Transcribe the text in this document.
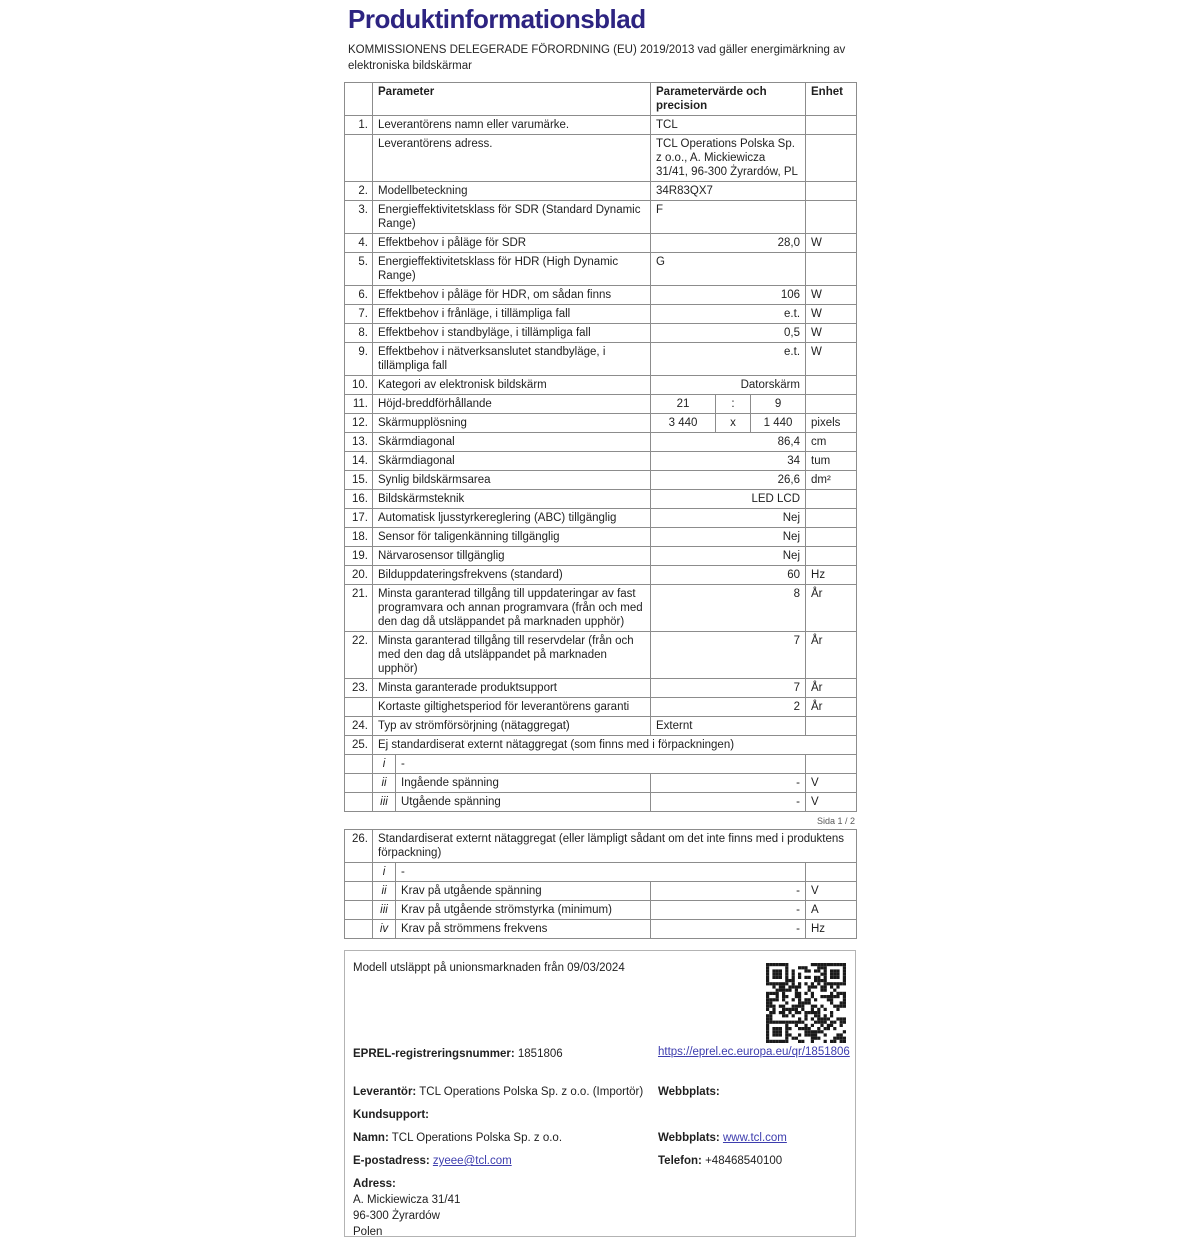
Produktinformationsblad
KOMMISSIONENS DELEGERADE FÖRORDNING (EU) 2019/2013 vad gäller energimärkning av elektroniska bildskärmar
	Parameter		Parametervärde och precision			Enhet
1.	Leverantörens namn eller varumärke.		TCL			
	Leverantörens adress.		TCL Operations Polska Sp. z o.o., A. Mickiewicza 31/41, 96-300 Żyrardów, PL			
2.	Modellbeteckning		34R83QX7			
3.	Energieffektivitetsklass för SDR (Standard Dynamic Range)		F			
4.	Effektbehov i påläge för SDR		28,0			W
5.	Energieffektivitetsklass för HDR (High Dynamic Range)		G			
6.	Effektbehov i påläge för HDR, om sådan finns		106			W
7.	Effektbehov i frånläge, i tillämpliga fall		e.t.			W
8.	Effektbehov i standbyläge, i tillämpliga fall		0,5			W
9.	Effektbehov i nätverksanslutet standbyläge, i tillämpliga fall		e.t.			W
10.	Kategori av elektronisk bildskärm		Datorskärm			
11.	Höjd-breddförhållande		21	:	9	
12.	Skärmupplösning		3 440	x	1 440	pixels
13.	Skärmdiagonal		86,4			cm
14.	Skärmdiagonal		34			tum
15.	Synlig bildskärmsarea		26,6			dm²
16.	Bildskärmsteknik		LED LCD			
17.	Automatisk ljusstyrkereglering (ABC) tillgänglig		Nej			
18.	Sensor för taligenkänning tillgänglig		Nej			
19.	Närvarosensor tillgänglig		Nej			
20.	Bilduppdateringsfrekvens (standard)		60			Hz
21.	Minsta garanterad tillgång till uppdateringar av fast programvara och annan programvara (från och med den dag då utsläppandet på marknaden upphör)		8			År
22.	Minsta garanterad tillgång till reservdelar (från och med den dag då utsläppandet på marknaden upphör)		7			År
23.	Minsta garanterade produktsupport		7			År
	Kortaste giltighetsperiod för leverantörens garanti		2			År
24.	Typ av strömförsörjning (nätaggregat)		Externt			
25.	Ej standardiserat externt nätaggregat (som finns med i förpackningen)					
	i	-				
	ii	Ingående spänning	-			V
	iii	Utgående spänning	-			V
Sida 1 / 2
26.	Standardiserat externt nätaggregat (eller lämpligt sådant om det inte finns med i produktens förpackning)			
	i	-		
	ii	Krav på utgående spänning	-	V
	iii	Krav på utgående strömstyrka (minimum)	-	A
	iv	Krav på strömmens frekvens	-	Hz
Modell utsläppt på unionsmarknaden från 09/03/2024
EPREL-registreringsnummer: 1851806	https://eprel.ec.europa.eu/qr/1851806
Leverantör: TCL Operations Polska Sp. z o.o. (Importör) Webbplats:
Kundsupport:
Namn: TCL Operations Polska Sp. z o.o.	Webbplats: www.tcl.com
E-postadress: zyeee@tcl.com	Telefon: +48468540100
Adress:
A. Mickiewicza 31/41
96-300 Żyrardów
Polen
